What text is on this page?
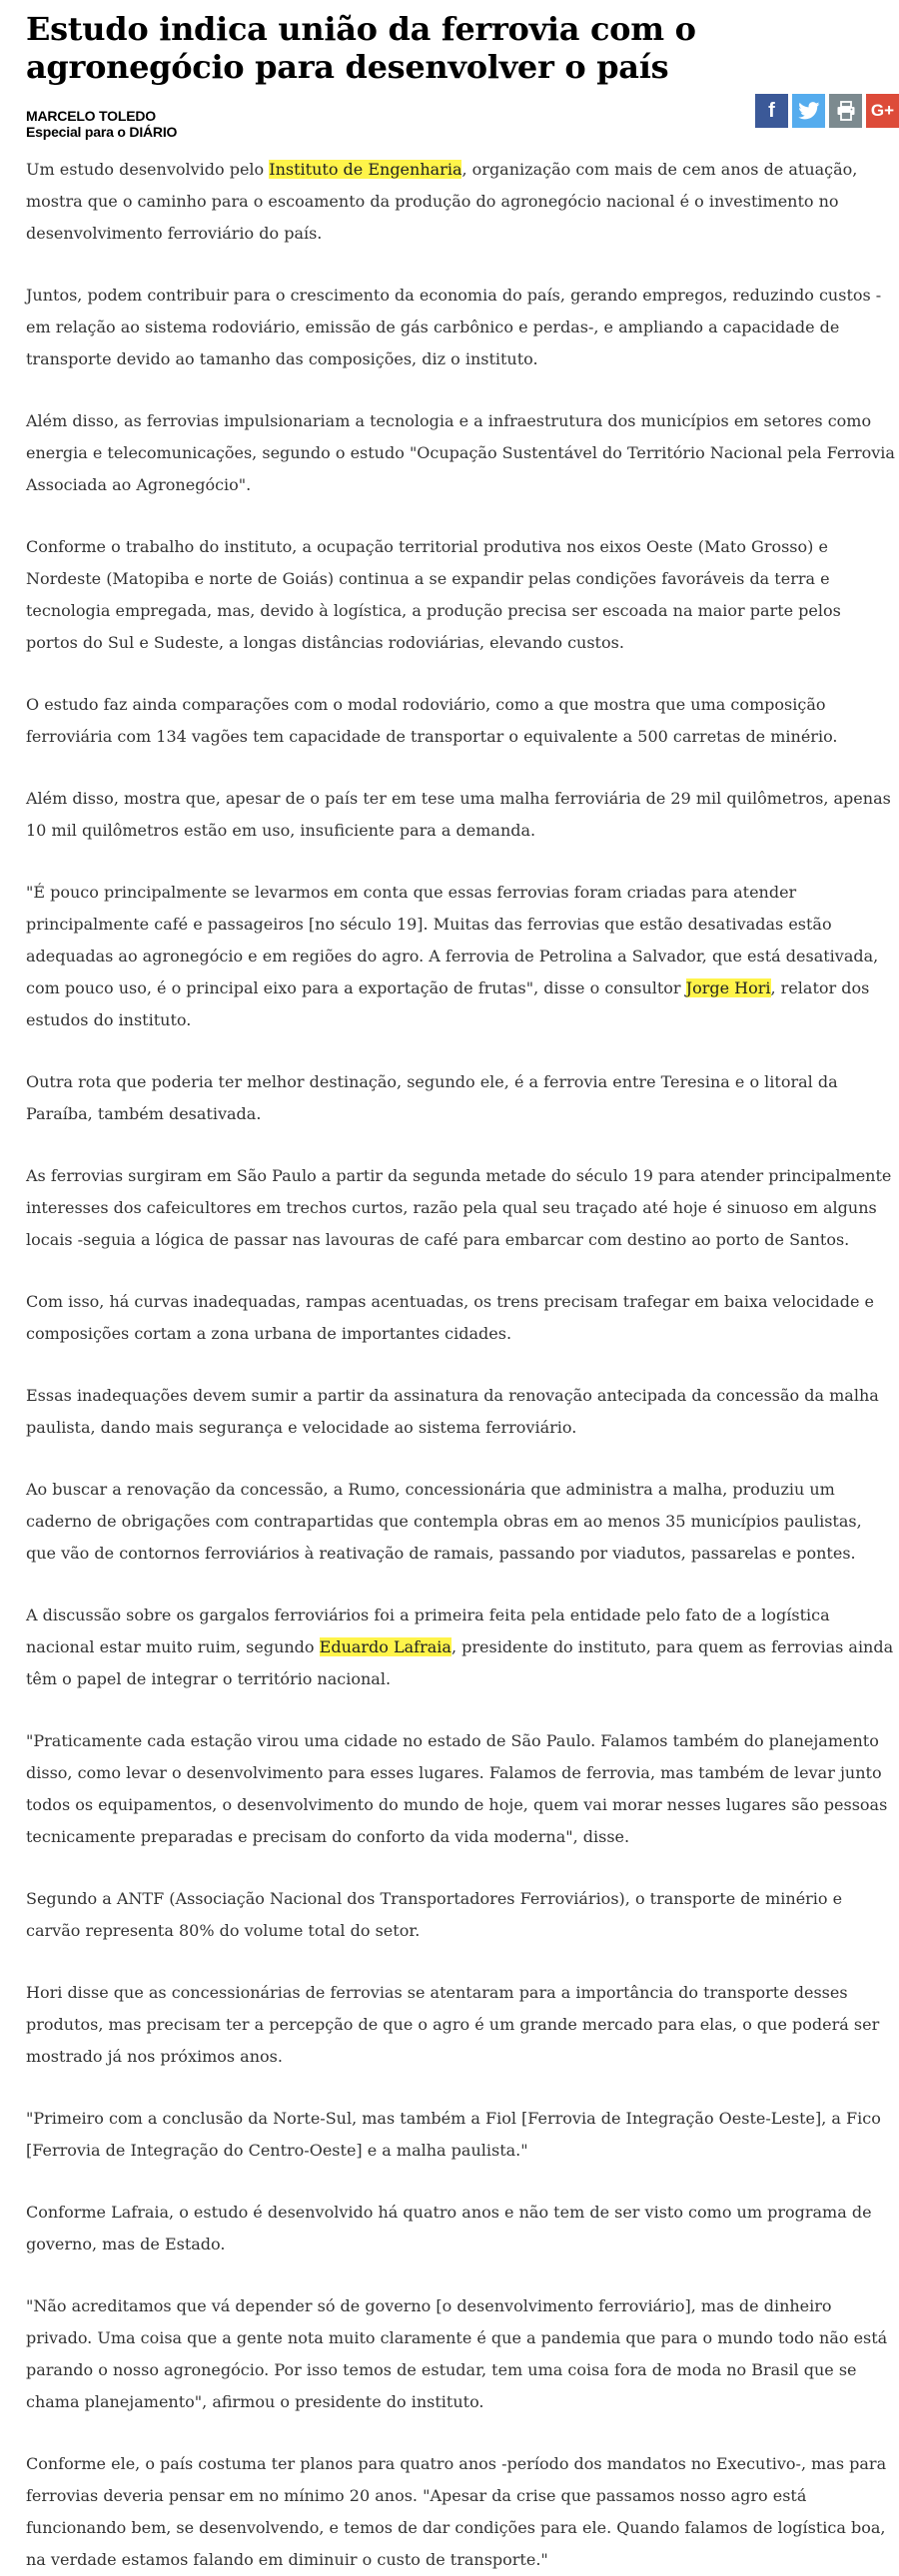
Estudo indica união da ferrovia com o agronegócio para desenvolver o país
MARCELO TOLEDO
Especial para o DIÁRIO
f	G+

Um estudo desenvolvido pelo Instituto de Engenharia, organização com mais de cem anos de atuação, mostra que o caminho para o escoamento da produção do agronegócio nacional é o investimento no desenvolvimento ferroviário do país.

Juntos, podem contribuir para o crescimento da economia do país, gerando empregos, reduzindo custos -em relação ao sistema rodoviário, emissão de gás carbônico e perdas-, e ampliando a capacidade de transporte devido ao tamanho das composições, diz o instituto.

Além disso, as ferrovias impulsionariam a tecnologia e a infraestrutura dos municípios em setores como energia e telecomunicações, segundo o estudo "Ocupação Sustentável do Território Nacional pela Ferrovia Associada ao Agronegócio".

Conforme o trabalho do instituto, a ocupação territorial produtiva nos eixos Oeste (Mato Grosso) e Nordeste (Matopiba e norte de Goiás) continua a se expandir pelas condições favoráveis da terra e tecnologia empregada, mas, devido à logística, a produção precisa ser escoada na maior parte pelos portos do Sul e Sudeste, a longas distâncias rodoviárias, elevando custos.

O estudo faz ainda comparações com o modal rodoviário, como a que mostra que uma composição ferroviária com 134 vagões tem capacidade de transportar o equivalente a 500 carretas de minério.

Além disso, mostra que, apesar de o país ter em tese uma malha ferroviária de 29 mil quilômetros, apenas 10 mil quilômetros estão em uso, insuficiente para a demanda.

"É pouco principalmente se levarmos em conta que essas ferrovias foram criadas para atender principalmente café e passageiros [no século 19]. Muitas das ferrovias que estão desativadas estão adequadas ao agronegócio e em regiões do agro. A ferrovia de Petrolina a Salvador, que está desativada, com pouco uso, é o principal eixo para a exportação de frutas", disse o consultor Jorge Hori, relator dos estudos do instituto.

Outra rota que poderia ter melhor destinação, segundo ele, é a ferrovia entre Teresina e o litoral da Paraíba, também desativada.

As ferrovias surgiram em São Paulo a partir da segunda metade do século 19 para atender principalmente interesses dos cafeicultores em trechos curtos, razão pela qual seu traçado até hoje é sinuoso em alguns locais -seguia a lógica de passar nas lavouras de café para embarcar com destino ao porto de Santos.

Com isso, há curvas inadequadas, rampas acentuadas, os trens precisam trafegar em baixa velocidade e composições cortam a zona urbana de importantes cidades.

Essas inadequações devem sumir a partir da assinatura da renovação antecipada da concessão da malha paulista, dando mais segurança e velocidade ao sistema ferroviário.

Ao buscar a renovação da concessão, a Rumo, concessionária que administra a malha, produziu um caderno de obrigações com contrapartidas que contempla obras em ao menos 35 municípios paulistas, que vão de contornos ferroviários à reativação de ramais, passando por viadutos, passarelas e pontes.

A discussão sobre os gargalos ferroviários foi a primeira feita pela entidade pelo fato de a logística nacional estar muito ruim, segundo Eduardo Lafraia, presidente do instituto, para quem as ferrovias ainda têm o papel de integrar o território nacional.

"Praticamente cada estação virou uma cidade no estado de São Paulo. Falamos também do planejamento disso, como levar o desenvolvimento para esses lugares. Falamos de ferrovia, mas também de levar junto todos os equipamentos, o desenvolvimento do mundo de hoje, quem vai morar nesses lugares são pessoas tecnicamente preparadas e precisam do conforto da vida moderna", disse.

Segundo a ANTF (Associação Nacional dos Transportadores Ferroviários), o transporte de minério e carvão representa 80% do volume total do setor.

Hori disse que as concessionárias de ferrovias se atentaram para a importância do transporte desses produtos, mas precisam ter a percepção de que o agro é um grande mercado para elas, o que poderá ser mostrado já nos próximos anos.

"Primeiro com a conclusão da Norte-Sul, mas também a Fiol [Ferrovia de Integração Oeste-Leste], a Fico [Ferrovia de Integração do Centro-Oeste] e a malha paulista."

Conforme Lafraia, o estudo é desenvolvido há quatro anos e não tem de ser visto como um programa de governo, mas de Estado.

"Não acreditamos que vá depender só de governo [o desenvolvimento ferroviário], mas de dinheiro privado. Uma coisa que a gente nota muito claramente é que a pandemia que para o mundo todo não está parando o nosso agronegócio. Por isso temos de estudar, tem uma coisa fora de moda no Brasil que se chama planejamento", afirmou o presidente do instituto.

Conforme ele, o país costuma ter planos para quatro anos -período dos mandatos no Executivo-, mas para ferrovias deveria pensar em no mínimo 20 anos. "Apesar da crise que passamos nosso agro está funcionando bem, se desenvolvendo, e temos de dar condições para ele. Quando falamos de logística boa, na verdade estamos falando em diminuir o custo de transporte."
